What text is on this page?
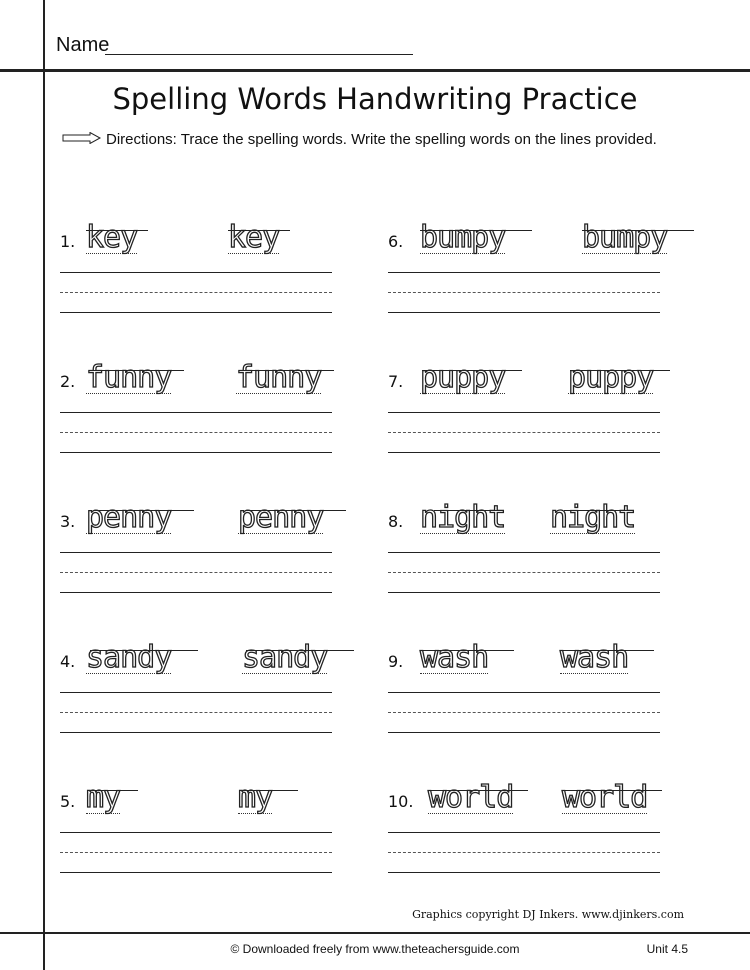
Name
Spelling Words Handwriting Practice
Directions: Trace the spelling words. Write the spelling words on the lines provided.
1. key	key
2. funny funny
3. penny penny
4. sandy sandy
5. my	my
6. bumpy	bumpy
7. puppy puppy
8. night night
9. wash wash
10. world world
Graphics copyright DJ Inkers. www.djinkers.com
© Downloaded freely from www.theteachersguide.com	Unit 4.5
